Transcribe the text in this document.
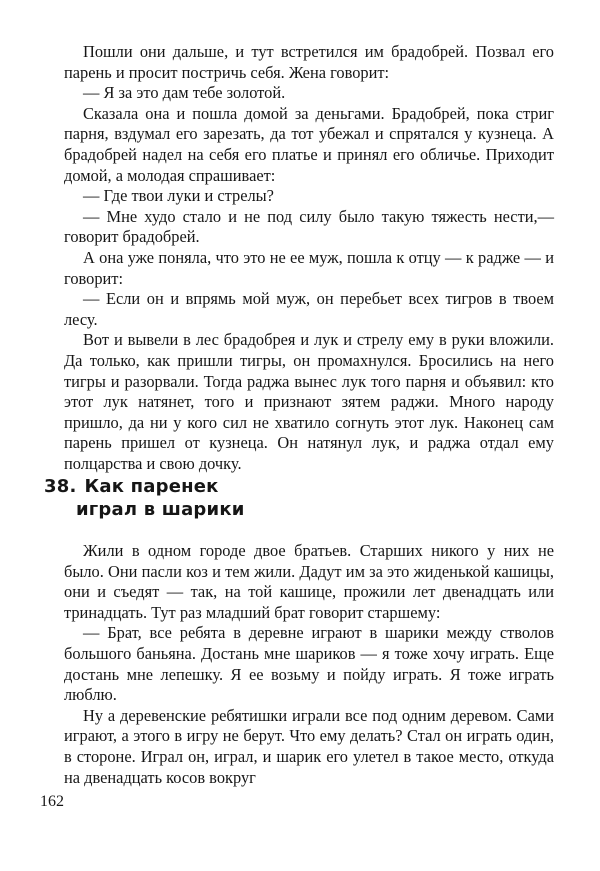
Пошли они дальше, и тут встретился им брадобрей. Позвал его парень и просит постричь себя. Жена говорит:

— Я за это дам тебе золотой.

Сказала она и пошла домой за деньгами. Брадобрей, пока стриг парня, вздумал его зарезать, да тот убежал и спрятался у кузнеца. А брадобрей надел на себя его платье и принял его обличье. Приходит домой, а молодая спрашивает:

— Где твои луки и стрелы?

— Мне худо стало и не под силу было такую тяжесть нести,— говорит брадобрей.

А она уже поняла, что это не ее муж, пошла к отцу — к радже — и говорит:

— Если он и впрямь мой муж, он перебьет всех тигров в твоем лесу.

Вот и вывели в лес брадобрея и лук и стрелу ему в руки вложили. Да только, как пришли тигры, он промахнулся. Бросились на него тигры и разорвали. Тогда раджа вынес лук того парня и объявил: кто этот лук натянет, того и признают зятем раджи. Много народу пришло, да ни у кого сил не хватило согнуть этот лук. Наконец сам парень пришел от кузнеца. Он натянул лук, и раджа отдал ему полцарства и свою дочку.

38. Как паренек
играл в шарики

Жили в одном городе двое братьев. Старших никого у них не было. Они пасли коз и тем жили. Дадут им за это жиденькой кашицы, они и съедят — так, на той кашице, прожили лет двенадцать или тринадцать. Тут раз младший брат говорит старшему:

— Брат, все ребята в деревне играют в шарики между стволов большого баньяна. Достань мне шариков — я тоже хочу играть. Еще достань мне лепешку. Я ее возьму и пойду играть. Я тоже играть люблю.

Ну а деревенские ребятишки играли все под одним деревом. Сами играют, а этого в игру не берут. Что ему делать? Стал он играть один, в стороне. Играл он, играл, и шарик его улетел в такое место, откуда на двенадцать косов вокруг

162
